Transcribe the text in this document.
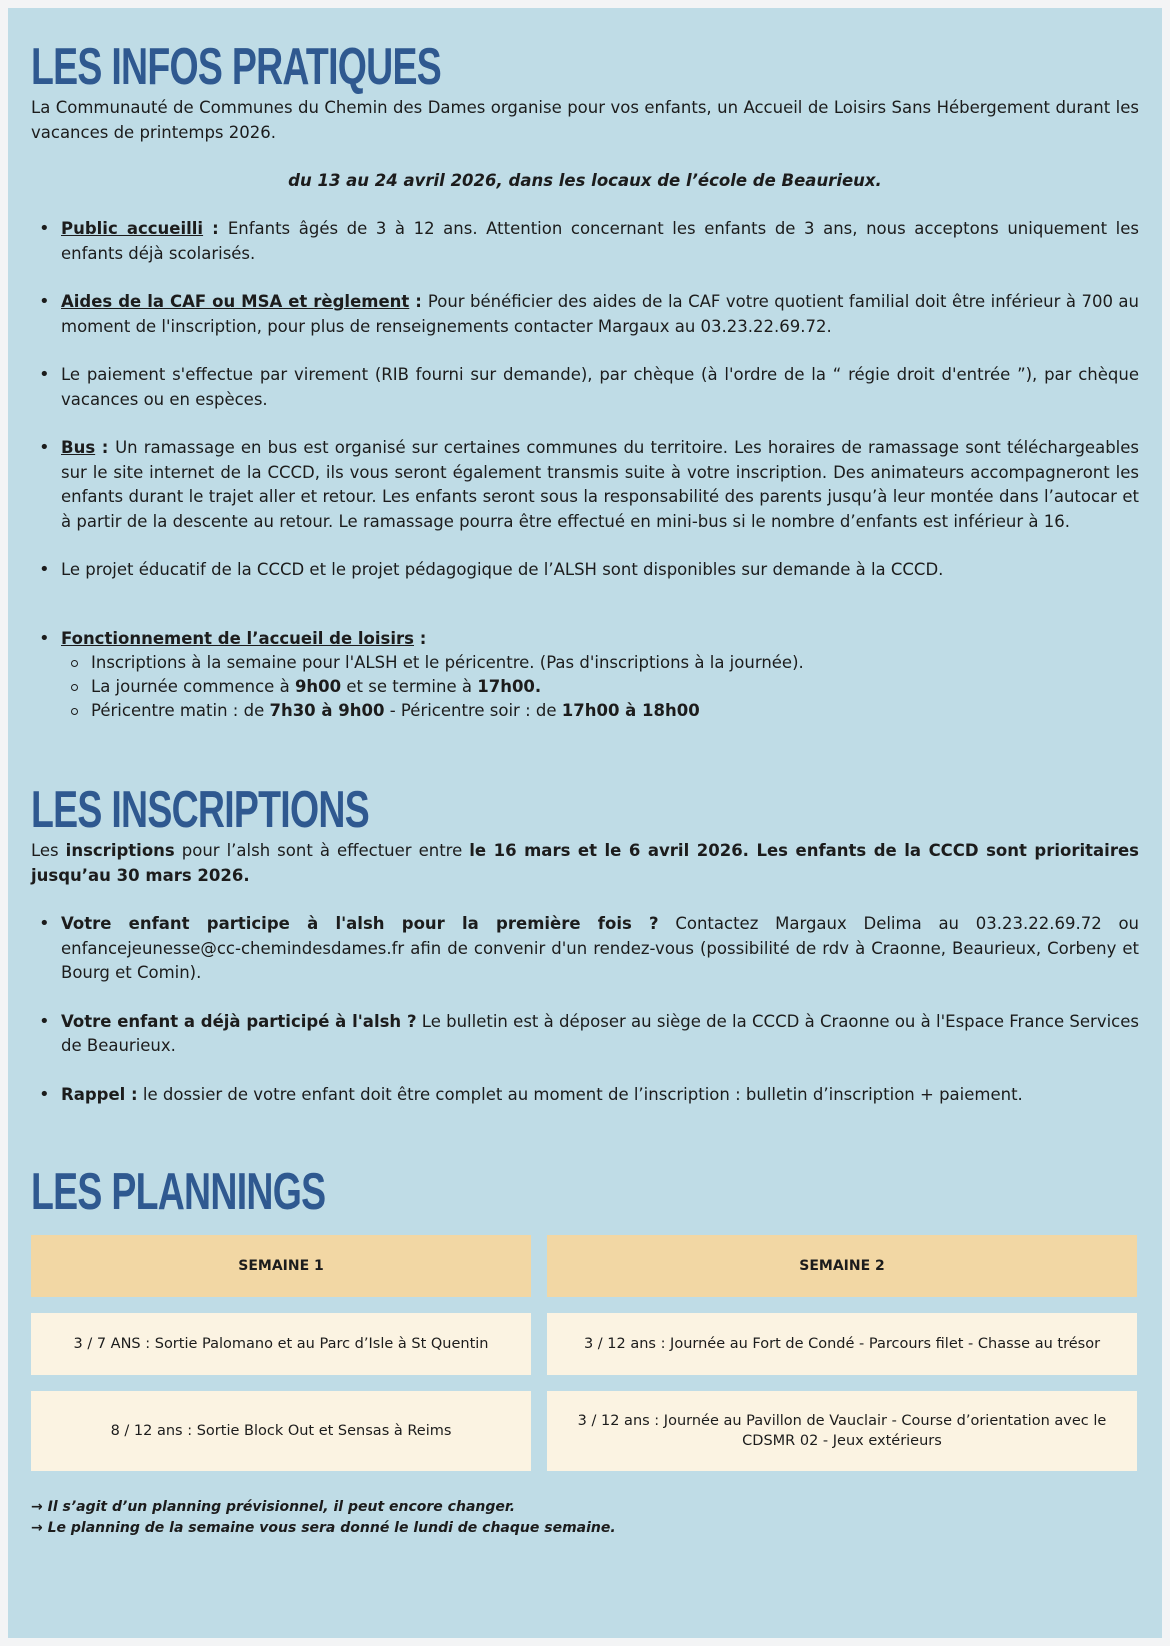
LES INFOS PRATIQUES

La Communauté de Communes du Chemin des Dames organise pour vos enfants, un Accueil de Loisirs Sans Hébergement durant les vacances de printemps 2026.

du 13 au 24 avril 2026, dans les locaux de l’école de Beaurieux.

• Public accueilli : Enfants âgés de 3 à 12 ans. Attention concernant les enfants de 3 ans, nous acceptons uniquement les enfants déjà scolarisés.
• Aides de la CAF ou MSA et règlement : Pour bénéficier des aides de la CAF votre quotient familial doit être inférieur à 700 au moment de l'inscription, pour plus de renseignements contacter Margaux au 03.23.22.69.72.
• Le paiement s'effectue par virement (RIB fourni sur demande), par chèque (à l'ordre de la “ régie droit d'entrée ”), par chèque vacances ou en espèces.
• Bus : Un ramassage en bus est organisé sur certaines communes du territoire. Les horaires de ramassage sont téléchargeables sur le site internet de la CCCD, ils vous seront également transmis suite à votre inscription. Des animateurs accompagneront les enfants durant le trajet aller et retour. Les enfants seront sous la responsabilité des parents jusqu’à leur montée dans l’autocar et à partir de la descente au retour. Le ramassage pourra être effectué en mini-bus si le nombre d’enfants est inférieur à 16.
• Le projet éducatif de la CCCD et le projet pédagogique de l’ALSH sont disponibles sur demande à la CCCD.
• Fonctionnement de l’accueil de loisirs :
Inscriptions à la semaine pour l'ALSH et le péricentre. (Pas d'inscriptions à la journée).
La journée commence à 9h00 et se termine à 17h00.
Péricentre matin : de 7h30 à 9h00 - Péricentre soir : de 17h00 à 18h00
LES INSCRIPTIONS

Les inscriptions pour l’alsh sont à effectuer entre le 16 mars et le 6 avril 2026. Les enfants de la CCCD sont prioritaires jusqu’au 30 mars 2026.

• Votre enfant participe à l'alsh pour la première fois ? Contactez Margaux Delima au 03.23.22.69.72 ou enfancejeunesse@cc-chemindesdames.fr afin de convenir d'un rendez-vous (possibilité de rdv à Craonne, Beaurieux, Corbeny et Bourg et Comin).
• Votre enfant a déjà participé à l'alsh ? Le bulletin est à déposer au siège de la CCCD à Craonne ou à l'Espace France Services de Beaurieux.
• Rappel : le dossier de votre enfant doit être complet au moment de l’inscription : bulletin d’inscription + paiement.
LES PLANNINGS
SEMAINE 1	SEMAINE 2
3 / 7 ANS : Sortie Palomano et au Parc d’Isle à St Quentin	3 / 12 ans : Journée au Fort de Condé - Parcours filet - Chasse au trésor
8 / 12 ans : Sortie Block Out et Sensas à Reims
3 / 12 ans : Journée au Pavillon de Vauclair - Course d’orientation avec le CDSMR 02 - Jeux extérieurs
→ Il s’agit d’un planning prévisionnel, il peut encore changer.
→ Le planning de la semaine vous sera donné le lundi de chaque semaine.
